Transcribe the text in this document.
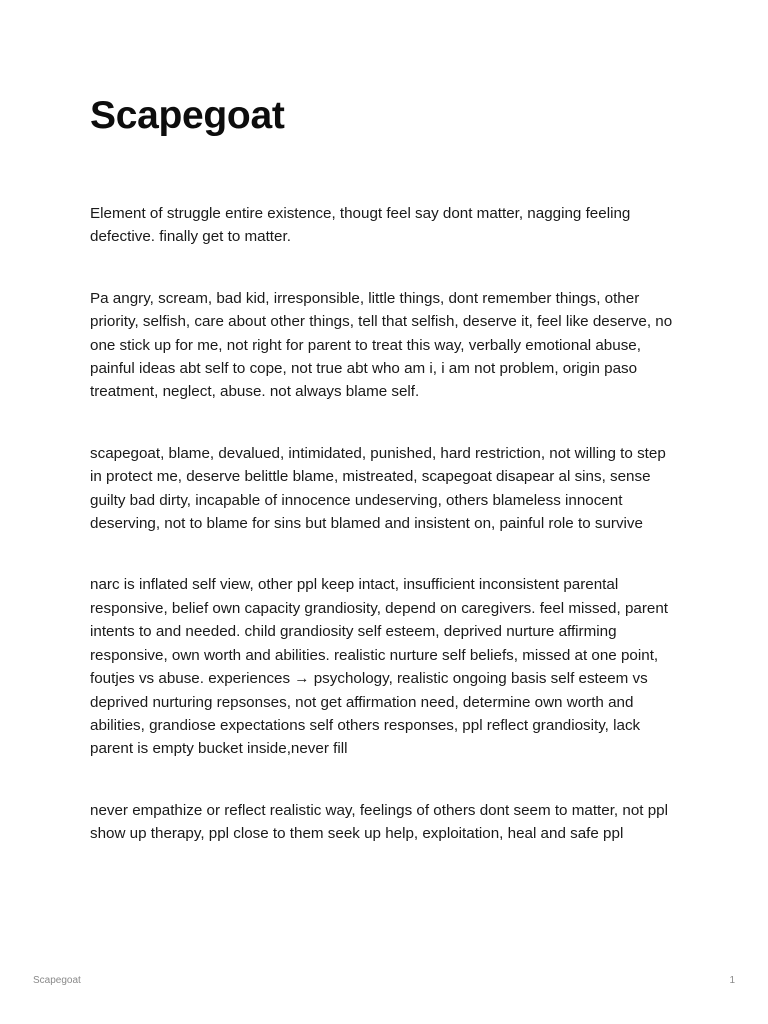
Scapegoat

Element of struggle entire existence, thougt feel say dont matter, nagging feeling defective. finally get to matter.

Pa angry, scream, bad kid, irresponsible, little things, dont remember things, other priority, selfish, care about other things, tell that selfish, deserve it, feel like deserve, no one stick up for me, not right for parent to treat this way, verbally emotional abuse, painful ideas abt self to cope, not true abt who am i, i am not problem, origin paso treatment, neglect, abuse. not always blame self.

scapegoat, blame, devalued, intimidated, punished, hard restriction, not willing to step in protect me, deserve belittle blame, mistreated, scapegoat disapear al sins, sense guilty bad dirty, incapable of innocence undeserving, others blameless innocent deserving, not to blame for sins but blamed and insistent on, painful role to survive

narc is inflated self view, other ppl keep intact, insufficient inconsistent parental responsive, belief own capacity grandiosity, depend on caregivers. feel missed, parent intents to and needed. child grandiosity self esteem, deprived nurture affirming responsive, own worth and abilities. realistic nurture self beliefs, missed at one point, foutjes vs abuse. experiences → psychology, realistic ongoing basis self esteem vs deprived nurturing repsonses, not get affirmation need, determine own worth and abilities, grandiose expectations self others responses, ppl reflect grandiosity, lack parent is empty bucket inside,never fill

never empathize or reflect realistic way, feelings of others dont seem to matter, not ppl show up therapy, ppl close to them seek up help, exploitation, heal and safe ppl

Scapegoat	1
